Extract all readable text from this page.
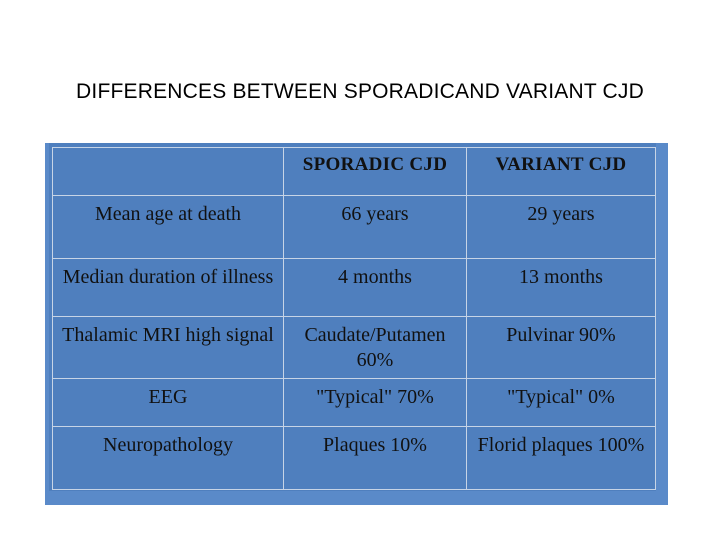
DIFFERENCES BETWEEN SPORADICAND VARIANT CJD
	SPORADIC CJD	VARIANT CJD
Mean age at death	66 years	29 years
Median duration of illness	4 months	13 months
Thalamic MRI high signal	Caudate/Putamen 60%	Pulvinar 90%
EEG	"Typical" 70%	"Typical" 0%
Neuropathology	Plaques 10%	Florid plaques 100%
